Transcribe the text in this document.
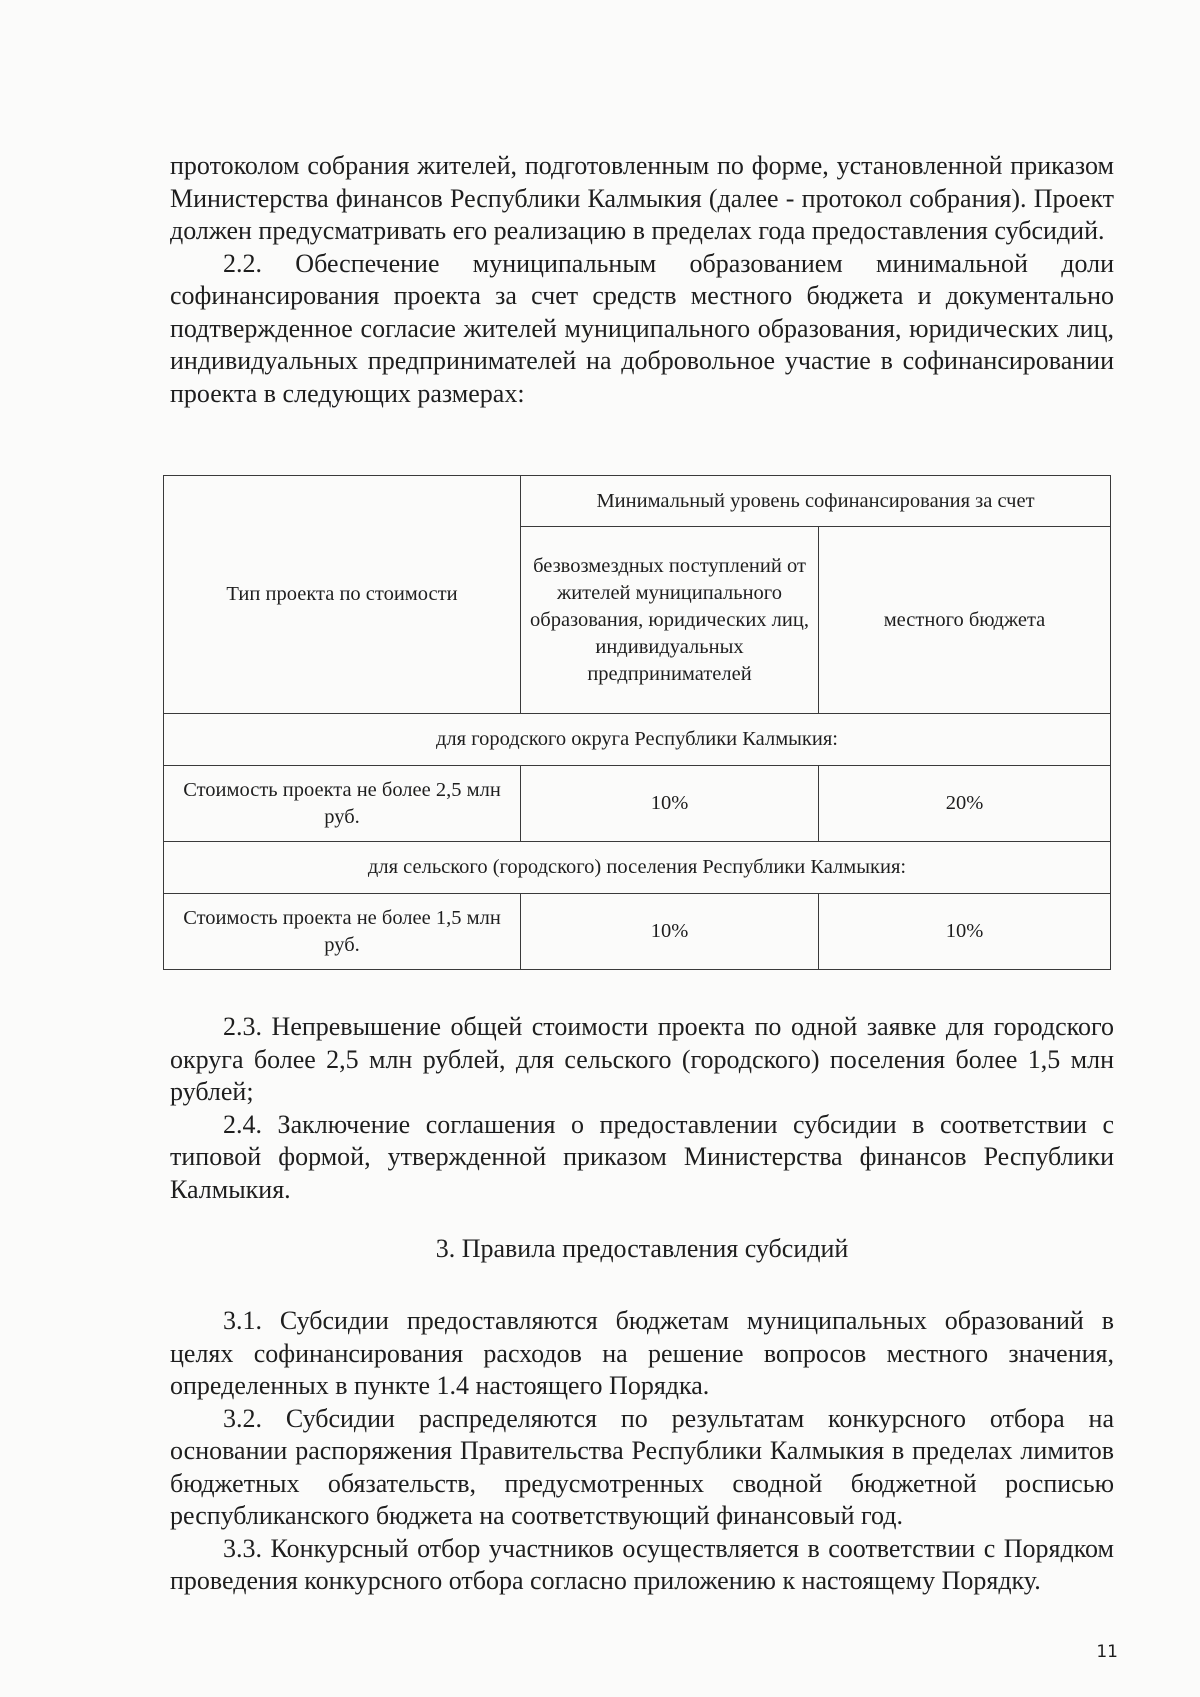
протоколом собрания жителей, подготовленным по форме, установленной приказом Министерства финансов Республики Калмыкия (далее - протокол собрания). Проект должен предусматривать его реализацию в пределах года предоставления субсидий.

2.2. Обеспечение муниципальным образованием минимальной доли софинансирования проекта за счет средств местного бюджета и документально подтвержденное согласие жителей муниципального образования, юридических лиц, индивидуальных предпринимателей на добровольное участие в софинансировании проекта в следующих размерах:

Тип проекта по стоимости	Минимальный уровень софинансирования за счет	
	безвозмездных поступлений от жителей муниципального образования, юридических лиц, индивидуальных предпринимателей	местного бюджета
для городского округа Республики Калмыкия:		
Стоимость проекта не более 2,5 млн руб.	10%	20%
для сельского (городского) поселения Республики Калмыкия:		
Стоимость проекта не более 1,5 млн руб.	10%	10%

2.3. Непревышение общей стоимости проекта по одной заявке для городского округа более 2,5 млн рублей, для сельского (городского) поселения более 1,5 млн рублей;

2.4. Заключение соглашения о предоставлении субсидии в соответствии с типовой формой, утвержденной приказом Министерства финансов Республики Калмыкия.

3. Правила предоставления субсидий

3.1. Субсидии предоставляются бюджетам муниципальных образований в целях софинансирования расходов на решение вопросов местного значения, определенных в пункте 1.4 настоящего Порядка.

3.2. Субсидии распределяются по результатам конкурсного отбора на основании распоряжения Правительства Республики Калмыкия в пределах лимитов бюджетных обязательств, предусмотренных сводной бюджетной росписью республиканского бюджета на соответствующий финансовый год.

3.3. Конкурсный отбор участников осуществляется в соответствии с Порядком проведения конкурсного отбора согласно приложению к настоящему Порядку.

11
